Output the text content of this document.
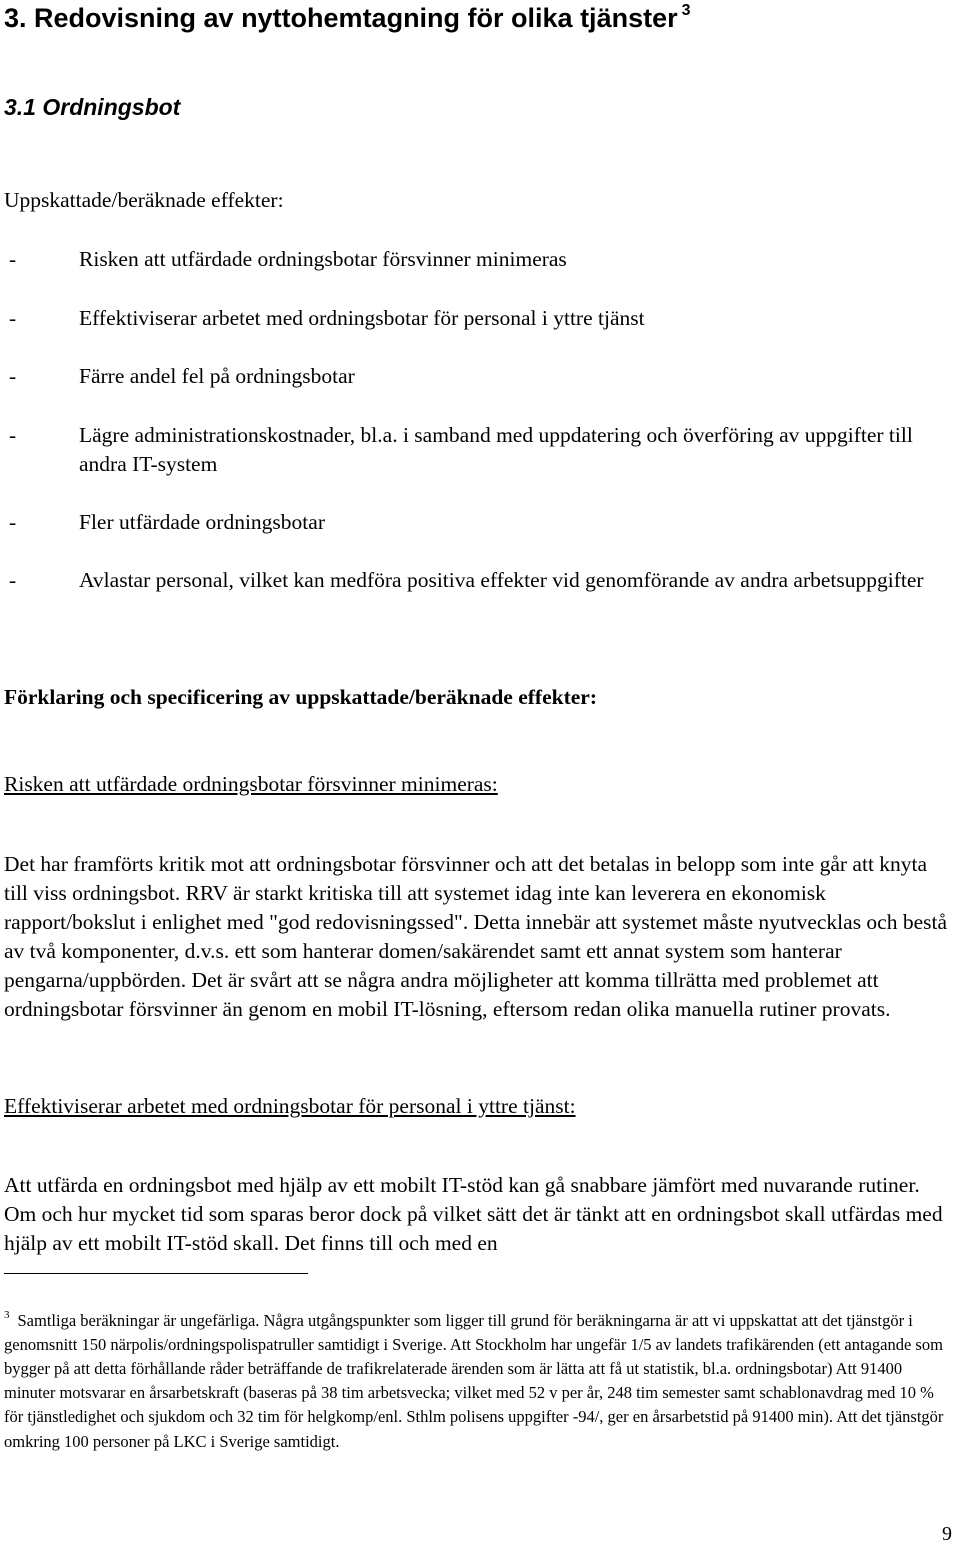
3. Redovisning av nyttohemtagning för olika tjänster $^3$
3.1 Ordningsbot

Uppskattade/beräknade effekter:

-	Risken att utfärdade ordningsbotar försvinner minimeras
-	Effektiviserar arbetet med ordningsbotar för personal i yttre tjänst
-	Färre andel fel på ordningsbotar
-	Lägre administrationskostnader, bl.a. i samband med uppdatering och överföring av uppgifter till andra IT-system
-	Fler utfärdade ordningsbotar
-	Avlastar personal, vilket kan medföra positiva effekter vid genomförande av andra arbetsuppgifter
Förklaring och specificering av uppskattade/beräknade effekter:

Risken att utfärdade ordningsbotar försvinner minimeras:

Det har framförts kritik mot att ordningsbotar försvinner och att det betalas in belopp som inte går att knyta till viss ordningsbot. RRV är starkt kritiska till att systemet idag inte kan leverera en ekonomisk rapport/bokslut i enlighet med "god redovisningssed". Detta innebär att systemet måste nyutvecklas och bestå av två komponenter, d.v.s. ett som hanterar domen/sakärendet samt ett annat system som hanterar pengarna/uppbörden. Det är svårt att se några andra möjligheter att komma tillrätta med problemet att ordningsbotar försvinner än genom en mobil IT-lösning, eftersom redan olika manuella rutiner provats.

Effektiviserar arbetet med ordningsbotar för personal i yttre tjänst:

Att utfärda en ordningsbot med hjälp av ett mobilt IT-stöd kan gå snabbare jämfört med nuvarande rutiner. Om och hur mycket tid som sparas beror dock på vilket sätt det är tänkt att en ordningsbot skall utfärdas med hjälp av ett mobilt IT-stöd skall. Det finns till och med en

$^3$ Samtliga beräkningar är ungefärliga. Några utgångspunkter som ligger till grund för beräkningarna är att vi uppskattat att det tjänstgör i genomsnitt 150 närpolis/ordningspolispatruller samtidigt i Sverige. Att Stockholm har ungefär 1/5 av landets trafikärenden (ett antagande som bygger på att detta förhållande råder beträffande de trafikrelaterade ärenden som är lätta att få ut statistik, bl.a. ordningsbotar) Att 91400 minuter motsvarar en årsarbetskraft (baseras på 38 tim arbetsvecka; vilket med 52 v per år, 248 tim semester samt schablonavdrag med 10 % för tjänstledighet och sjukdom och 32 tim för helgkomp/enl. Sthlm polisens uppgifter -94/, ger en årsarbetstid på 91400 min). Att det tjänstgör omkring 100 personer på LKC i Sverige samtidigt.

9
